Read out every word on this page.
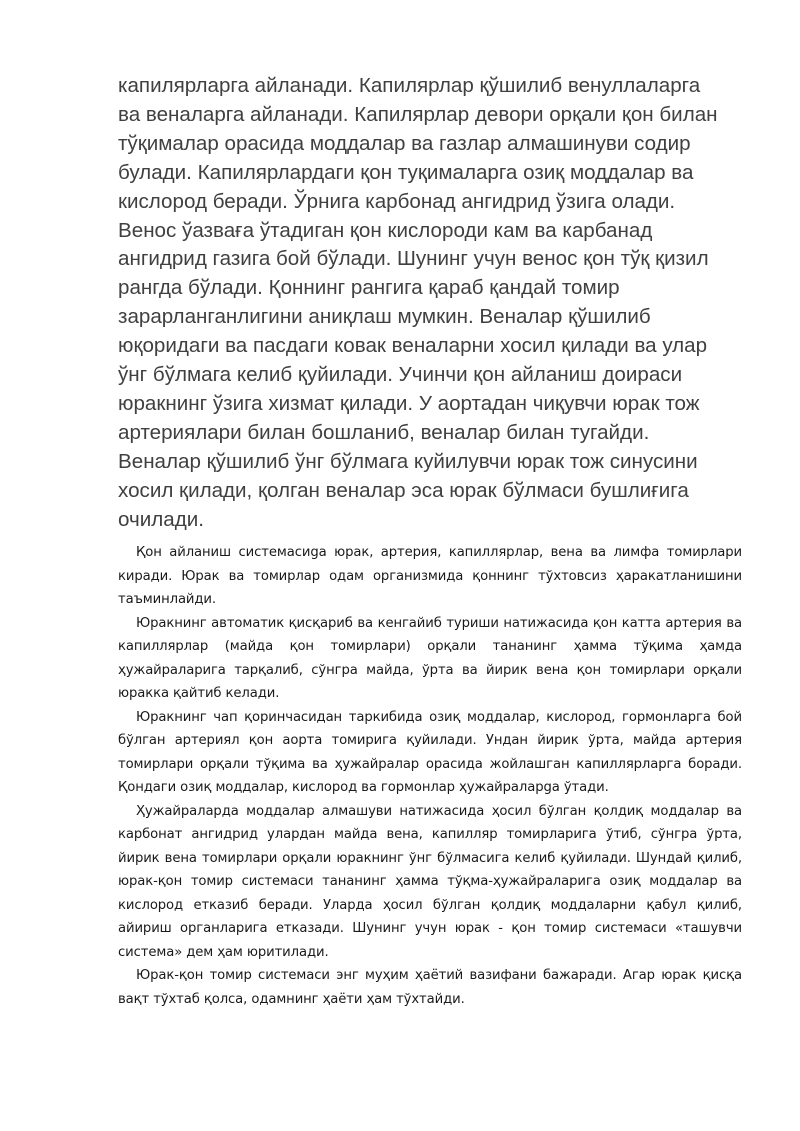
капилярларга айланади. Капилярлар қўшилиб венуллаларга
ва веналарга айланади. Капилярлар девори орқали қон билан
тўқималар орасида моддалар ва газлар алмашинуви содир
булади. Капилярлардаги қон туқималарга озиқ моддалар ва
кислород беради. Ўрнига карбонад ангидрид ўзига олади.
Венос ўазваға ўтадиган қон кислороди кам ва карбанад
ангидрид газига бой бўлади. Шунинг учун венос қон тўқ қизил
рангда бўлади. Қоннинг рангига қараб қандай томир
зарарланганлигини аниқлаш мумкин. Веналар қўшилиб
юқоридаги ва пасдаги ковак веналарни хосил қилади ва улар
ўнг бўлмага келиб қуйилади. Учинчи қон айланиш доираси
юракнинг ўзига хизмат қилади. У аортадан чиқувчи юрак тож
артериялари билан бошланиб, веналар билан тугайди.
Веналар қўшилиб ўнг бўлмага куйилувчи юрак тож синусини
хосил қилади, қолган веналар эса юрак бўлмаси бушлиғига
очилади.

Қон айланиш системасиga юрак, артерия, капиллярлар, вена ва лимфа томирлари киради. Юрак ва томирлар одам организмида қоннинг тўхтовсиз ҳаракатланишини таъминлайди.

Юракнинг автоматик қисқариб ва кенгайиб туриши натижасида қон катта артерия ва капиллярлар (майда қон томирлари) орқали тананинг ҳамма тўқима ҳамда ҳужайраларига тарқалиб, сўнгра майда, ўрта ва йирик вена қон томирлари орқали юракка қайтиб келади.

Юракнинг чап қоринчасидан таркибида озиқ моддалар, кислород, гормонларга бой бўлган артериял қон аорта томирига қуйилади. Ундан йирик ўрта, майда артерия томирлари орқали тўқима ва ҳужайралар орасида жойлашган капиллярларга боради. Қондаги озиқ моддалар, кислород ва гормонлар ҳужайраларga ўтади.

Ҳужайраларда моддалар алмашуви натижасида ҳосил бўлган қолдиқ моддалар ва карбонат ангидрид улардан майда вена, капилляр томирларига ўтиб, сўнгра ўрта, йирик вена томирлари орқали юракнинг ўнг бўлмасига келиб қуйилади. Шундай қилиб, юрак-қон томир системаси тананинг ҳамма тўқма-ҳужайраларига озиқ моддалар ва кислород етказиб беради. Уларда ҳосил бўлган қолдиқ моддаларни қабул қилиб, айириш органларига етказади. Шунинг учун юрак - қон томир системаси «ташувчи система» дем ҳам юритилади.

Юрак-қон томир системаси энг муҳим ҳаётий вазифани бажаради. Агар юрак қисқа вақт тўхтаб қолса, одамнинг ҳаёти ҳам тўхтайди.
